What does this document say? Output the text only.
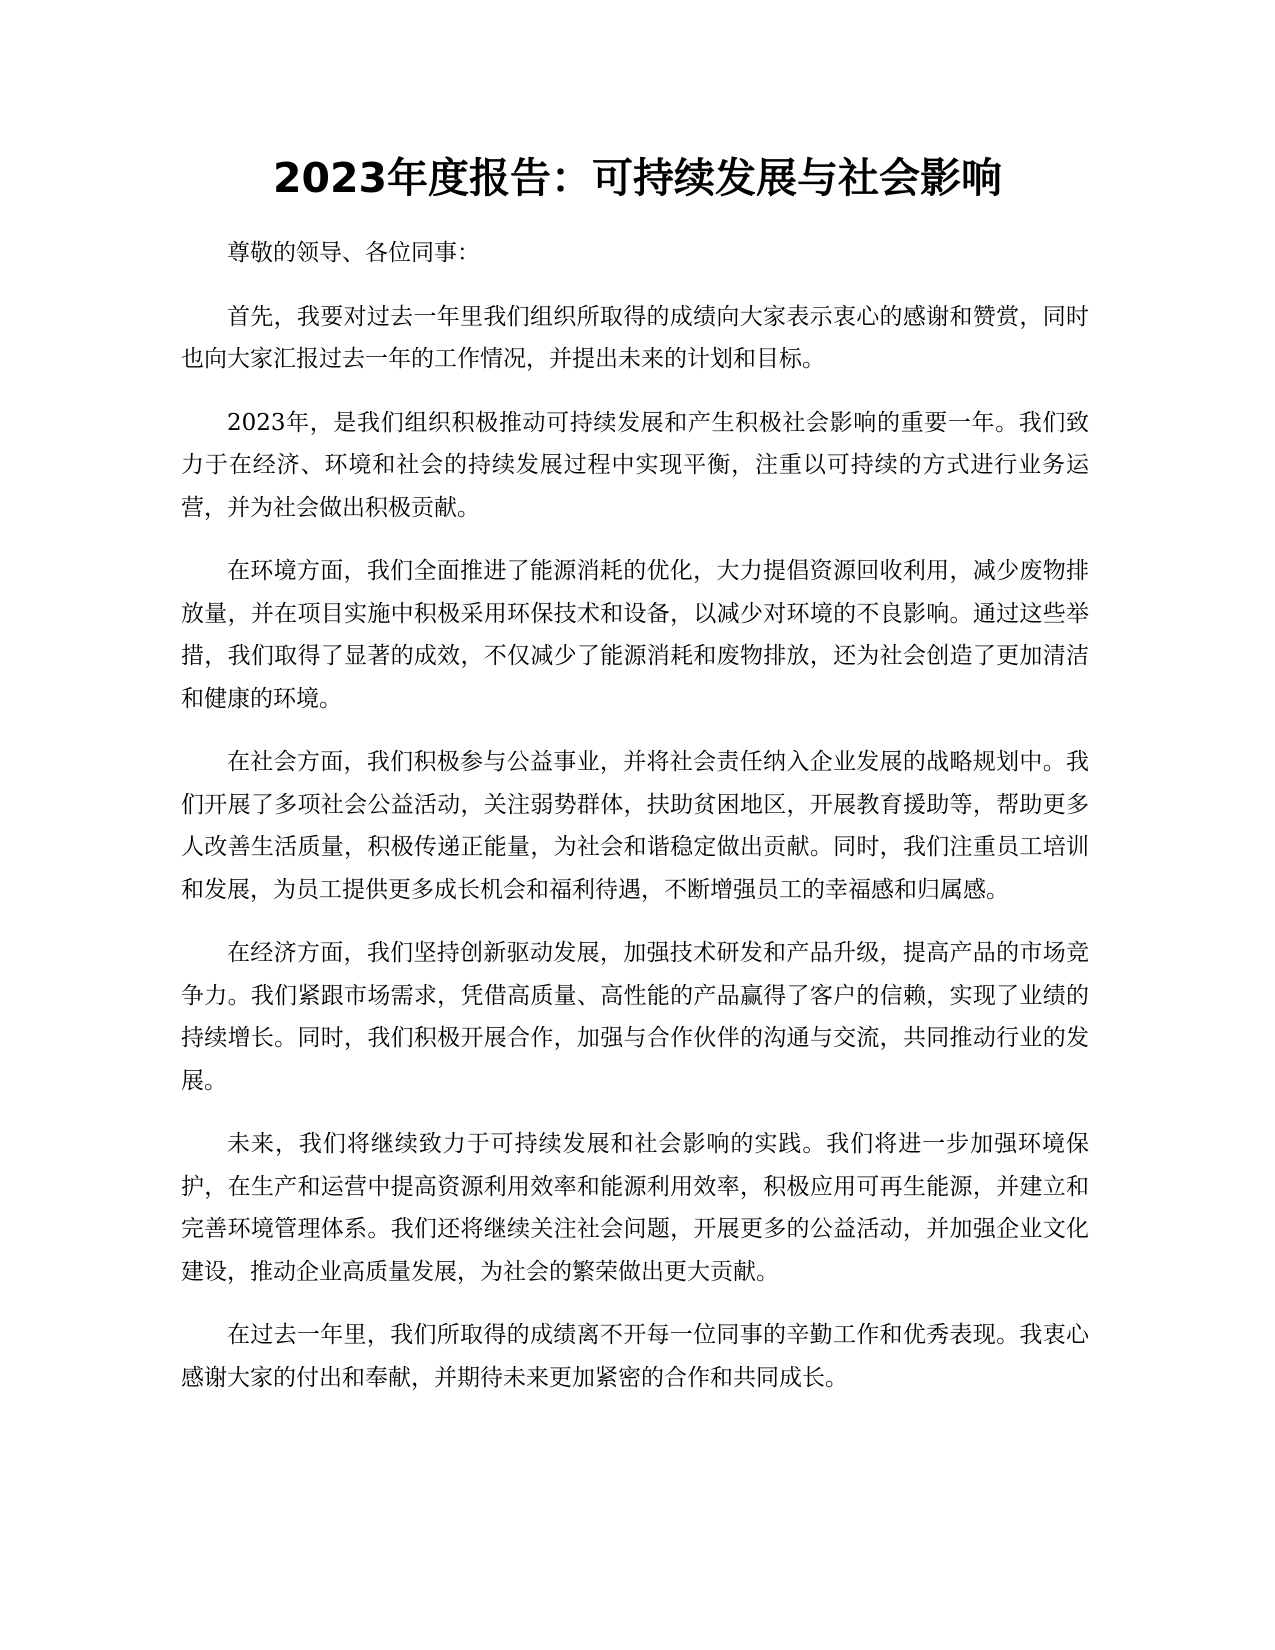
2023年度报告：可持续发展与社会影响

尊敬的领导、各位同事：

首先，我要对过去一年里我们组织所取得的成绩向大家表示衷心的感谢和赞赏，同时也向大家汇报过去一年的工作情况，并提出未来的计划和目标。

2023年，是我们组织积极推动可持续发展和产生积极社会影响的重要一年。我们致力于在经济、环境和社会的持续发展过程中实现平衡，注重以可持续的方式进行业务运营，并为社会做出积极贡献。

在环境方面，我们全面推进了能源消耗的优化，大力提倡资源回收利用，减少废物排放量，并在项目实施中积极采用环保技术和设备，以减少对环境的不良影响。通过这些举措，我们取得了显著的成效，不仅减少了能源消耗和废物排放，还为社会创造了更加清洁和健康的环境。

在社会方面，我们积极参与公益事业，并将社会责任纳入企业发展的战略规划中。我们开展了多项社会公益活动，关注弱势群体，扶助贫困地区，开展教育援助等，帮助更多人改善生活质量，积极传递正能量，为社会和谐稳定做出贡献。同时，我们注重员工培训和发展，为员工提供更多成长机会和福利待遇，不断增强员工的幸福感和归属感。

在经济方面，我们坚持创新驱动发展，加强技术研发和产品升级，提高产品的市场竞争力。我们紧跟市场需求，凭借高质量、高性能的产品赢得了客户的信赖，实现了业绩的持续增长。同时，我们积极开展合作，加强与合作伙伴的沟通与交流，共同推动行业的发展。

未来，我们将继续致力于可持续发展和社会影响的实践。我们将进一步加强环境保护，在生产和运营中提高资源利用效率和能源利用效率，积极应用可再生能源，并建立和完善环境管理体系。我们还将继续关注社会问题，开展更多的公益活动，并加强企业文化建设，推动企业高质量发展，为社会的繁荣做出更大贡献。

在过去一年里，我们所取得的成绩离不开每一位同事的辛勤工作和优秀表现。我衷心感谢大家的付出和奉献，并期待未来更加紧密的合作和共同成长。
